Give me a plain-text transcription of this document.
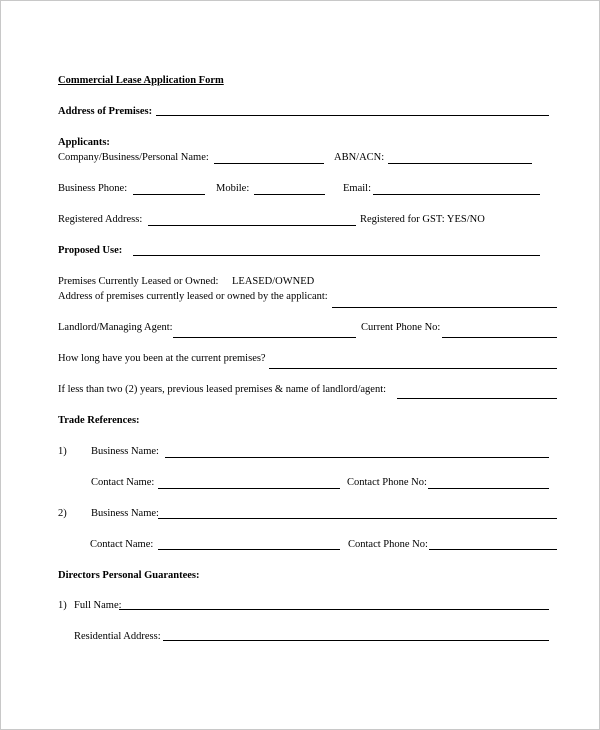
Commercial Lease Application Form
Address of Premises:
Applicants:
Company/Business/Personal Name:	ABN/ACN:
Business Phone:	Mobile:	Email:
Registered Address:	Registered for GST: YES/NO
Proposed Use:
Premises Currently Leased or Owned: LEASED/OWNED
Address of premises currently leased or owned by the applicant:
Landlord/Managing Agent:	Current Phone No:
How long have you been at the current premises?
If less than two (2) years, previous leased premises & name of landlord/agent:
Trade References:
1) Business Name:
Contact Name:	Contact Phone No:
2) Business Name:
Contact Name:	Contact Phone No:
Directors Personal Guarantees:
1) Full Name:
Residential Address:
